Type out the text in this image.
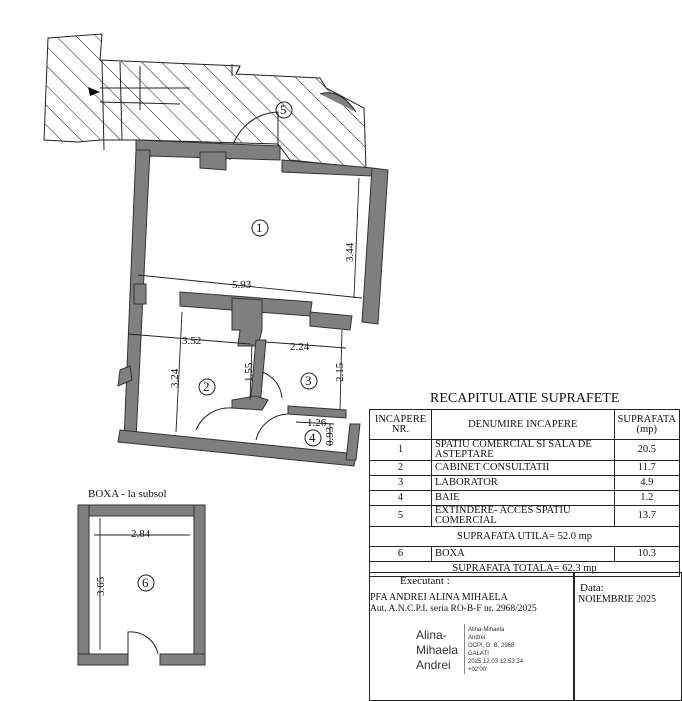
5.93
3.44
1
3.52
3.24	1.55
2
2.24
2.15
3
1.26
0.93
4
5
BOXA - la subsol
2.84
3.65	6
RECAPITULATIE SUPRAFETE
INCAPERE NR.	DENUMIRE INCAPERE	SUPRAFATA
(mp)
1	SPATIU COMERCIAL SI SALA DE ASTEPTARE	20.5
2	CABINET CONSULTATII	11.7
3	LABORATOR	4.9
4	BAIE	1.2
5	EXTINDERE- ACCES SPATIU COMERCIAL	13.7
SUPRAFATA UTILA= 52.0 mp		
6	BOXA	10.3
SUPRAFATA TOTALA= 62.3 mp		
Executant :
PFA ANDREI ALINA MIHAELA
Aut. A.N.C.P.I. seria RO-B-F nr. 2968/2025
Alina-
Mihaela
Andrei
Alina-Mihaela
Andrei
OCPI, D. B, 2968
GALATI
2025.12.03 12:53:34
+02'00'
Data:
NOIEMBRIE 2025
